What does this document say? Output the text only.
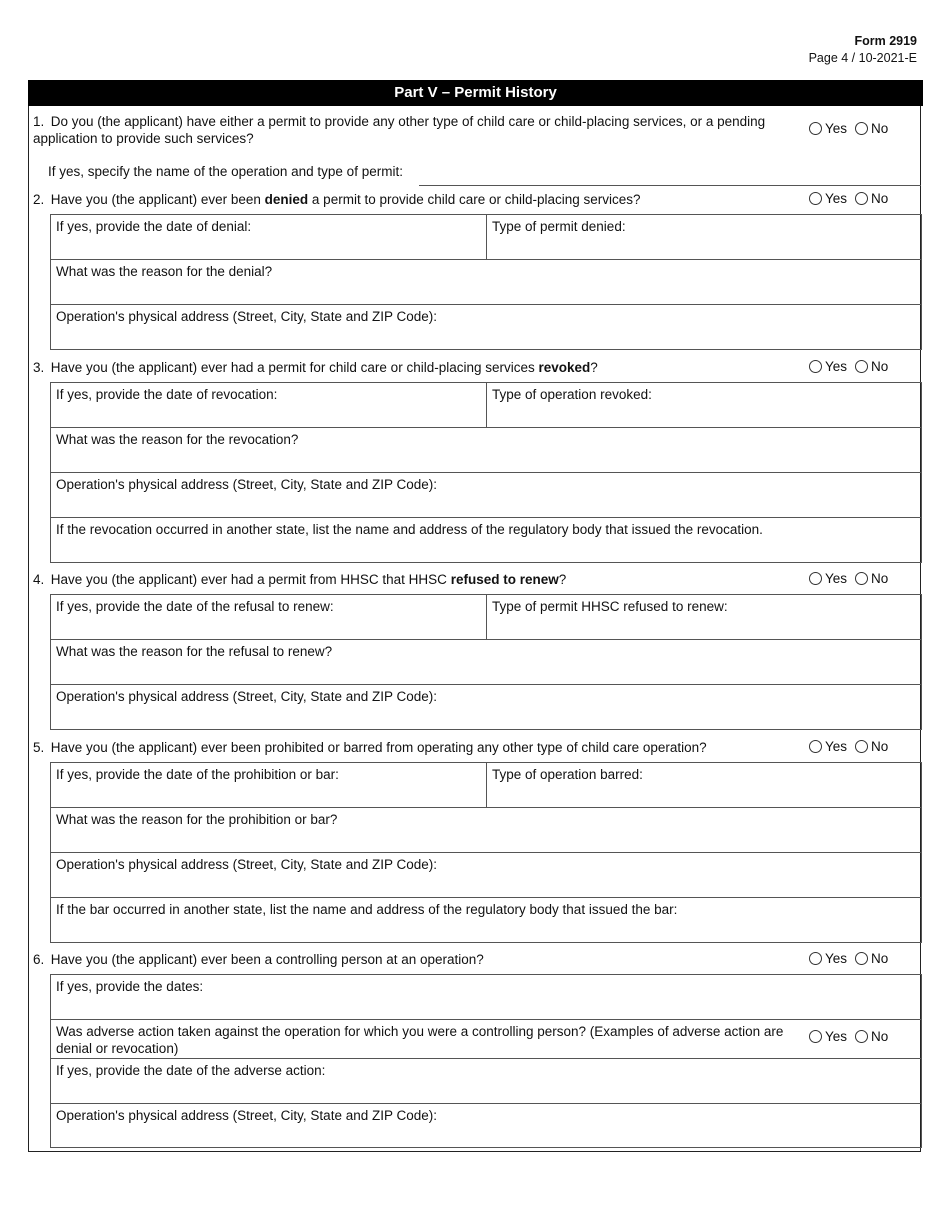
Form 2919
Page 4 / 10-2021-E
Part V – Permit History
1. Do you (the applicant) have either a permit to provide any other type of child care or child-placing services, or a pending application to provide such services?
Yes No
If yes, specify the name of the operation and type of permit:
2. Have you (the applicant) ever been denied a permit to provide child care or child-placing services?	Yes No
If yes, provide the date of denial:	Type of permit denied:
What was the reason for the denial?
Operation's physical address (Street, City, State and ZIP Code):
3. Have you (the applicant) ever had a permit for child care or child-placing services revoked?	Yes No
If yes, provide the date of revocation:	Type of operation revoked:
What was the reason for the revocation?
Operation's physical address (Street, City, State and ZIP Code):
If the revocation occurred in another state, list the name and address of the regulatory body that issued the revocation.
4. Have you (the applicant) ever had a permit from HHSC that HHSC refused to renew?	Yes No
If yes, provide the date of the refusal to renew:	Type of permit HHSC refused to renew:
What was the reason for the refusal to renew?
Operation's physical address (Street, City, State and ZIP Code):
5. Have you (the applicant) ever been prohibited or barred from operating any other type of child care operation?	Yes No
If yes, provide the date of the prohibition or bar:	Type of operation barred:
What was the reason for the prohibition or bar?
Operation's physical address (Street, City, State and ZIP Code):
If the bar occurred in another state, list the name and address of the regulatory body that issued the bar:
6. Have you (the applicant) ever been a controlling person at an operation?	Yes No
If yes, provide the dates:
Was adverse action taken against the operation for which you were a controlling person? (Examples of adverse action are denial or revocation)
Yes No
If yes, provide the date of the adverse action:
Operation's physical address (Street, City, State and ZIP Code):
